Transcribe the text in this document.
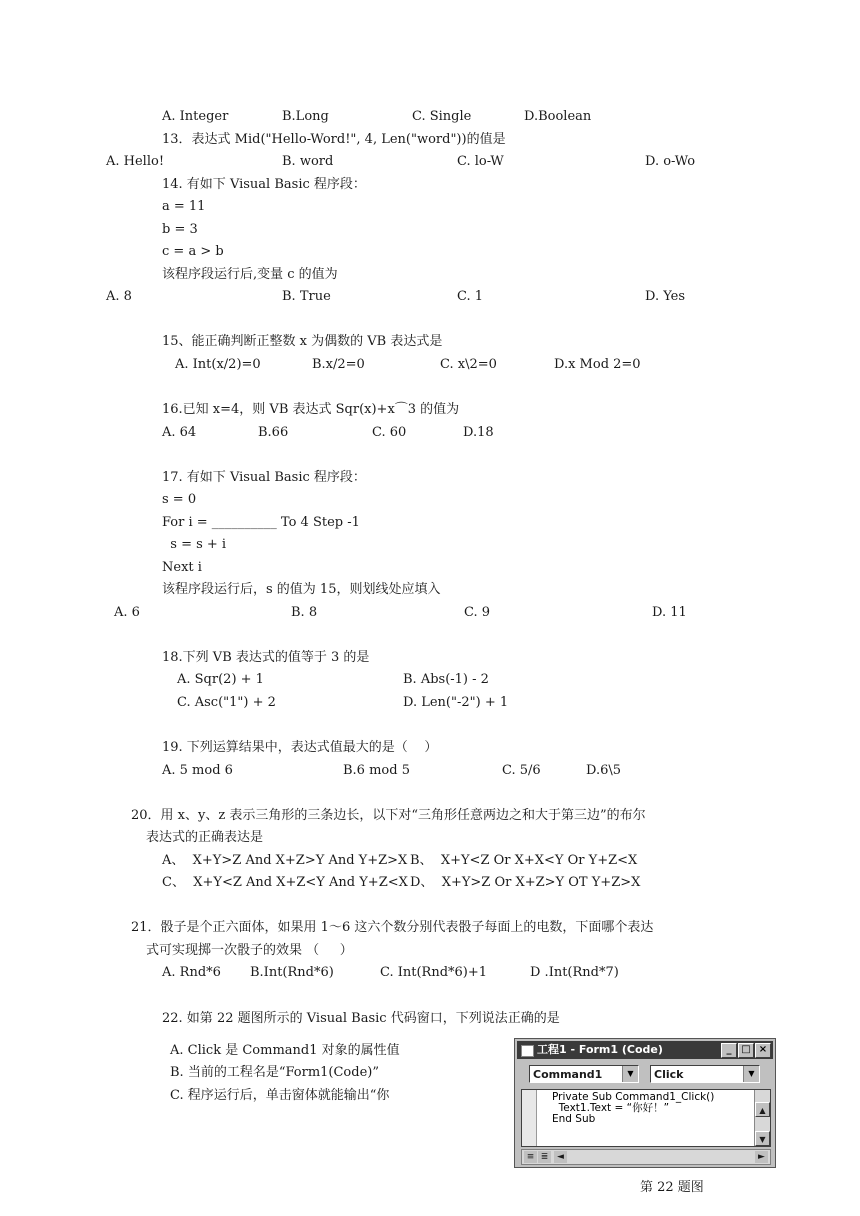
A. Integer	B.Long	C. Single	D.Boolean
13．表达式 Mid("Hello-Word!", 4, Len("word"))的值是
A. Hello!	B. word	C. lo-W	D. o-Wo
14. 有如下 Visual Basic 程序段：
a = 11
b = 3
c = a > b
该程序段运行后,变量 c 的值为
A. 8	B. True	C. 1	D. Yes
15、能正确判断正整数 x 为偶数的 VB 表达式是
A. Int(x/2)=0	B.x/2=0	C. x\2=0	D.x Mod 2=0
16.已知 x=4，则 VB 表达式 Sqr(x)+x⌒3 的值为
A. 64	B.66	C. 60	D.18
17. 有如下 Visual Basic 程序段：
s = 0
For i = __________ To 4 Step -1
s = s + i
Next i
该程序段运行后，s 的值为 15，则划线处应填入
A. 6	B. 8	C. 9	D. 11
18.下列 VB 表达式的值等于 3 的是
A. Sqr(2) + 1	B. Abs(-1) - 2
C. Asc("1") + 2	D. Len("-2") + 1
19. 下列运算结果中，表达式值最大的是（    ）
A. 5 mod 6	B.6 mod 5	C. 5/6	D.6\5
20．用 x、y、z 表示三角形的三条边长，以下对“三角形任意两边之和大于第三边”的布尔
表达式的正确表达是
A、  X+Y>Z And X+Z>Y And Y+Z>X B、  X+Y<Z Or X+X<Y Or Y+Z<X
C、  X+Y<Z And X+Z<Y And Y+Z<X D、  X+Y>Z Or X+Z>Y OT Y+Z>X
21．骰子是个正六面体，如果用 1～6 这六个数分别代表骰子每面上的电数，下面哪个表达
式可实现掷一次骰子的效果 （     ）
A. Rnd*6 B.Int(Rnd*6)	C. Int(Rnd*6)+1	D .Int(Rnd*7)
22. 如第 22 题图所示的 Visual Basic 代码窗口，下列说法正确的是
A. Click 是 Command1 对象的属性值
B. 当前的工程名是“Form1(Code)”
C. 程序运行后，单击窗体就能输出“你
工程1 - Form1 (Code)	_ □ ×
Command1	▼	Click	▼
Private Sub Command1_Click()
Text1.Text = “你好！”
End Sub
▲
▼
≡ ≣ ◄	►
第 22 题图
